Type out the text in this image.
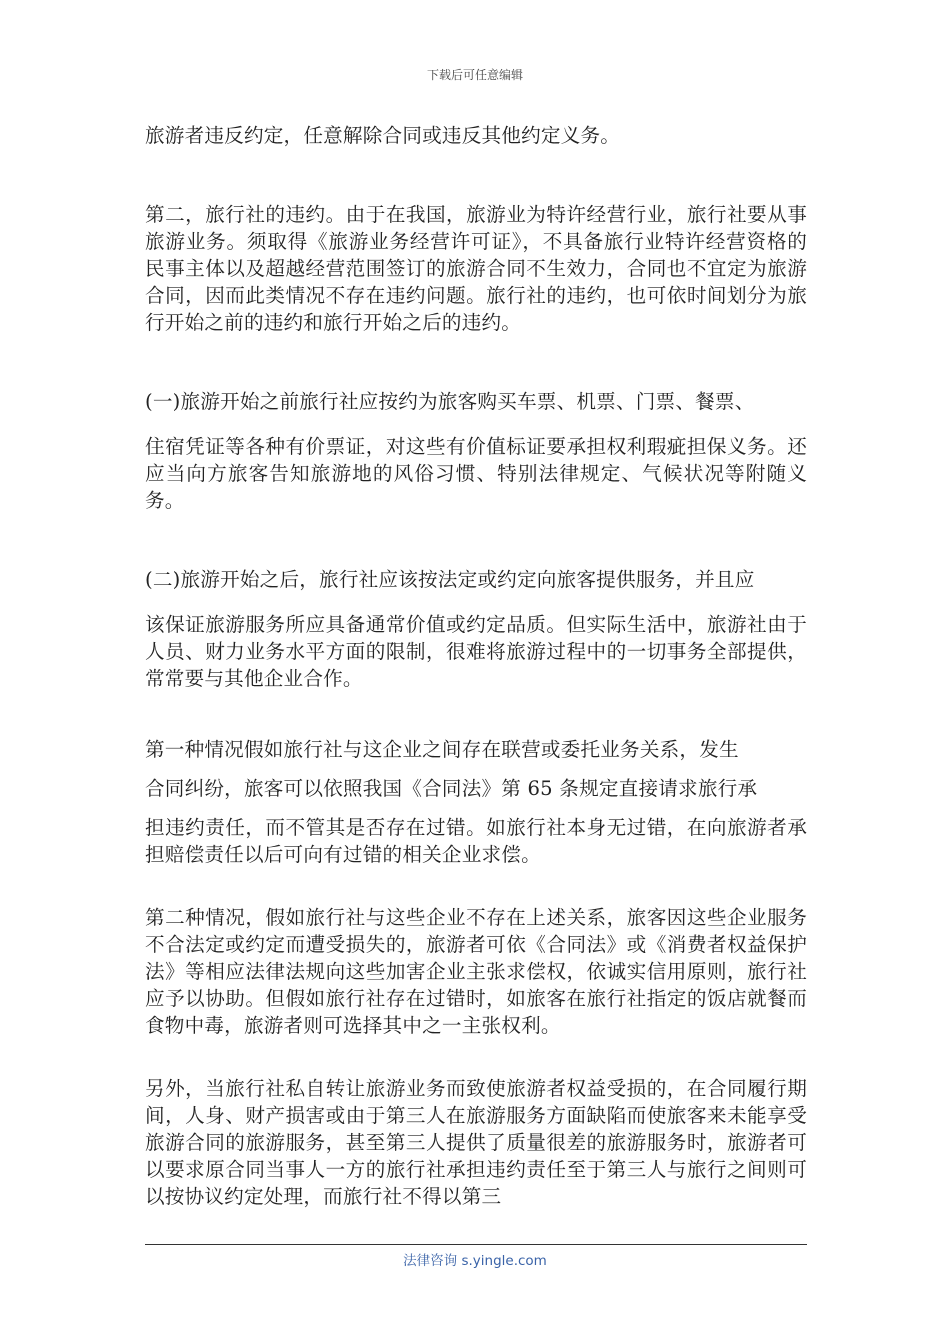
下载后可任意编辑

旅游者违反约定，任意解除合同或违反其他约定义务。

第二，旅行社的违约。由于在我国，旅游业为特许经营行业，旅行社要从事旅游业务。须取得《旅游业务经营许可证》，不具备旅行业特许经营资格的民事主体以及超越经营范围签订的旅游合同不生效力，合同也不宜定为旅游合同，因而此类情况不存在违约问题。旅行社的违约，也可依时间划分为旅行开始之前的违约和旅行开始之后的违约。

(一)旅游开始之前旅行社应按约为旅客购买车票、机票、门票、餐票、

住宿凭证等各种有价票证，对这些有价值标证要承担权利瑕疵担保义务。还应当向方旅客告知旅游地的风俗习惯、特别法律规定、气候状况等附随义务。

(二)旅游开始之后，旅行社应该按法定或约定向旅客提供服务，并且应

该保证旅游服务所应具备通常价值或约定品质。但实际生活中，旅游社由于人员、财力业务水平方面的限制，很难将旅游过程中的一切事务全部提供，常常要与其他企业合作。

第一种情况假如旅行社与这企业之间存在联营或委托业务关系，发生

合同纠纷，旅客可以依照我国《合同法》第 65 条规定直接请求旅行承

担违约责任，而不管其是否存在过错。如旅行社本身无过错，在向旅游者承担赔偿责任以后可向有过错的相关企业求偿。

第二种情况，假如旅行社与这些企业不存在上述关系，旅客因这些企业服务不合法定或约定而遭受损失的，旅游者可依《合同法》或《消费者权益保护法》等相应法律法规向这些加害企业主张求偿权，依诚实信用原则，旅行社应予以协助。但假如旅行社存在过错时，如旅客在旅行社指定的饭店就餐而食物中毒，旅游者则可选择其中之一主张权利。

另外，当旅行社私自转让旅游业务而致使旅游者权益受损的，在合同履行期间，人身、财产损害或由于第三人在旅游服务方面缺陷而使旅客来未能享受旅游合同的旅游服务，甚至第三人提供了质量很差的旅游服务时，旅游者可以要求原合同当事人一方的旅行社承担违约责任至于第三人与旅行之间则可以按协议约定处理，而旅行社不得以第三

法律咨询 s.yingle.com
